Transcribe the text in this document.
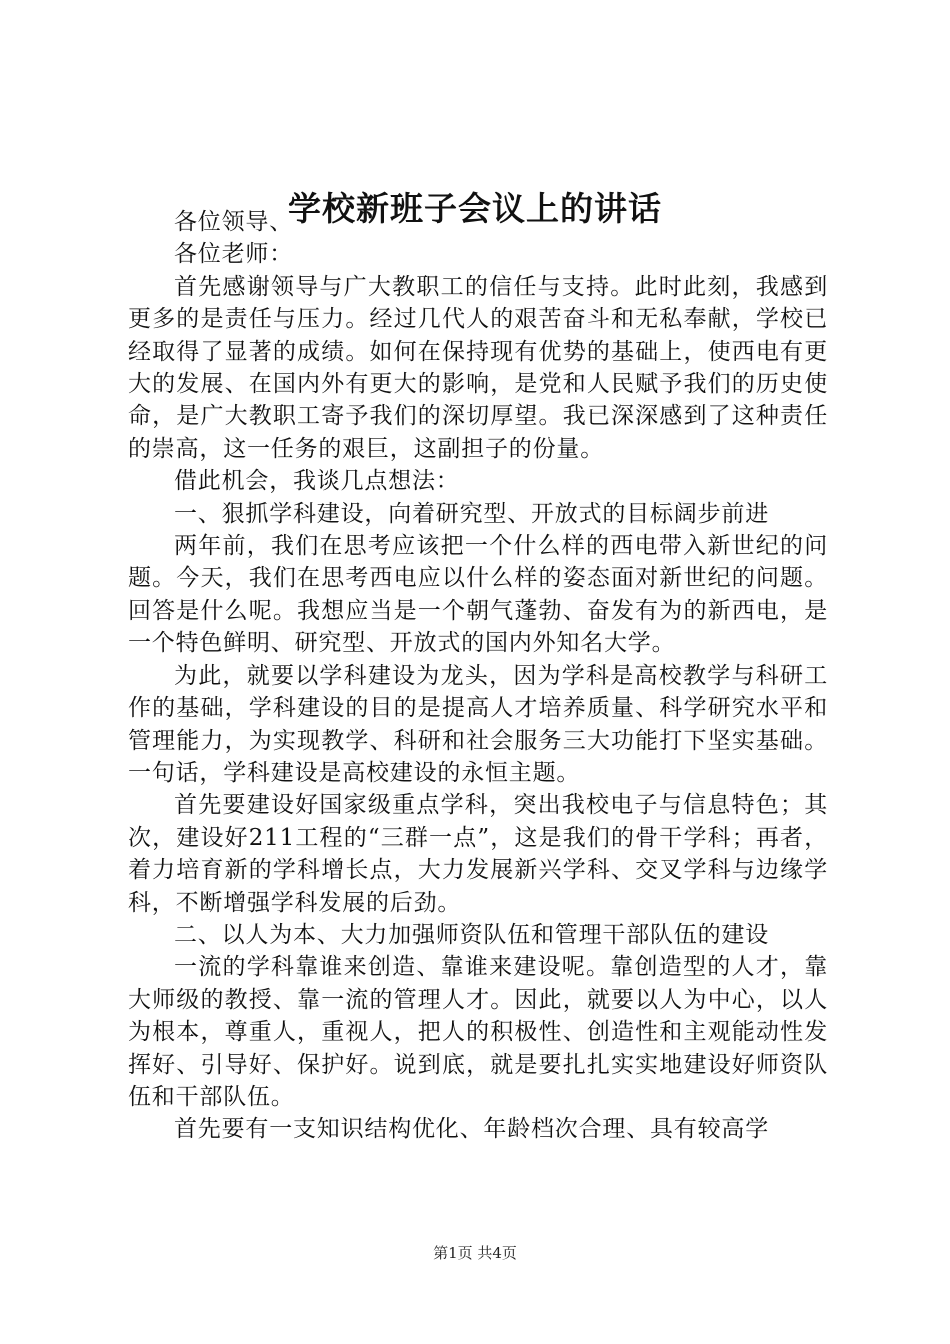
学校新班子会议上的讲话

各位领导、

各位老师：

首先感谢领导与广大教职工的信任与支持。此时此刻，我感到更多的是责任与压力。经过几代人的艰苦奋斗和无私奉献，学校已经取得了显著的成绩。如何在保持现有优势的基础上，使西电有更大的发展、在国内外有更大的影响，是党和人民赋予我们的历史使命，是广大教职工寄予我们的深切厚望。我已深深感到了这种责任的崇高，这一任务的艰巨，这副担子的份量。

借此机会，我谈几点想法：

一、狠抓学科建设，向着研究型、开放式的目标阔步前进

两年前，我们在思考应该把一个什么样的西电带入新世纪的问题。今天，我们在思考西电应以什么样的姿态面对新世纪的问题。回答是什么呢。我想应当是一个朝气蓬勃、奋发有为的新西电，是一个特色鲜明、研究型、开放式的国内外知名大学。

为此，就要以学科建设为龙头，因为学科是高校教学与科研工作的基础，学科建设的目的是提高人才培养质量、科学研究水平和管理能力，为实现教学、科研和社会服务三大功能打下坚实基础。一句话，学科建设是高校建设的永恒主题。

首先要建设好国家级重点学科，突出我校电子与信息特色；其次，建设好211工程的“三群一点”，这是我们的骨干学科；再者，着力培育新的学科增长点，大力发展新兴学科、交叉学科与边缘学科，不断增强学科发展的后劲。

二、以人为本、大力加强师资队伍和管理干部队伍的建设

一流的学科靠谁来创造、靠谁来建设呢。靠创造型的人才，靠大师级的教授、靠一流的管理人才。因此，就要以人为中心，以人为根本，尊重人，重视人，把人的积极性、创造性和主观能动性发挥好、引导好、保护好。说到底，就是要扎扎实实地建设好师资队伍和干部队伍。

首先要有一支知识结构优化、年龄档次合理、具有较高学

第1页 共4页
